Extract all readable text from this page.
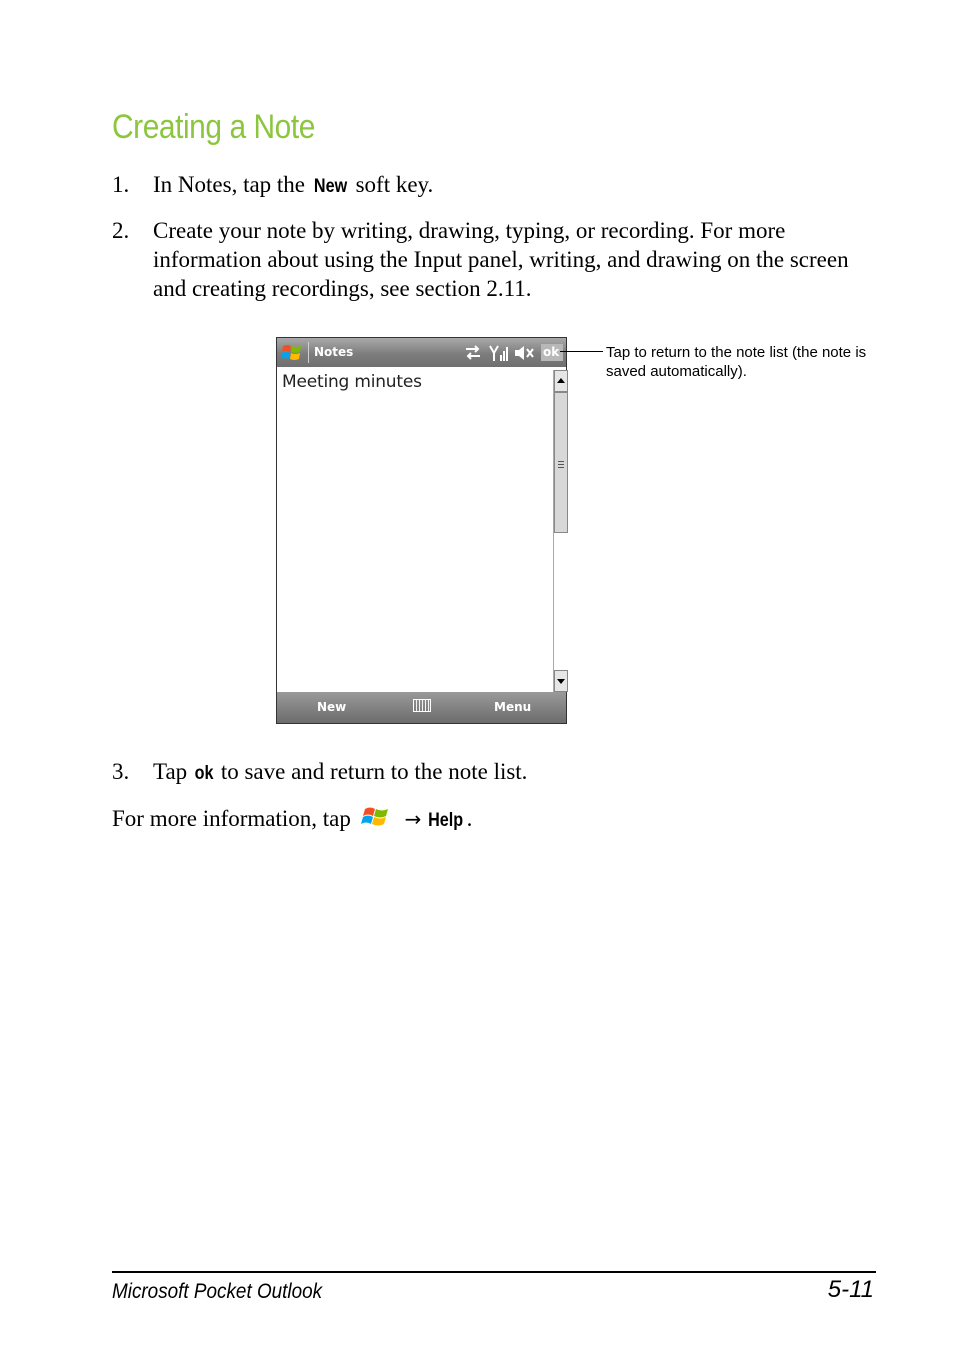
Creating a Note
1. In Notes, tap the New soft key.
2. Create your note by writing, drawing, typing, or recording. For more information about using the Input panel, writing, and drawing on the screen and creating recordings, see section 2.11.
Notes	ok
Meeting minutes
New	Menu
Tap to return to the note list (the note is saved automatically).
3. Tap ok to save and return to the note list.
For more information, tap → Help .
Microsoft Pocket Outlook	5-11
